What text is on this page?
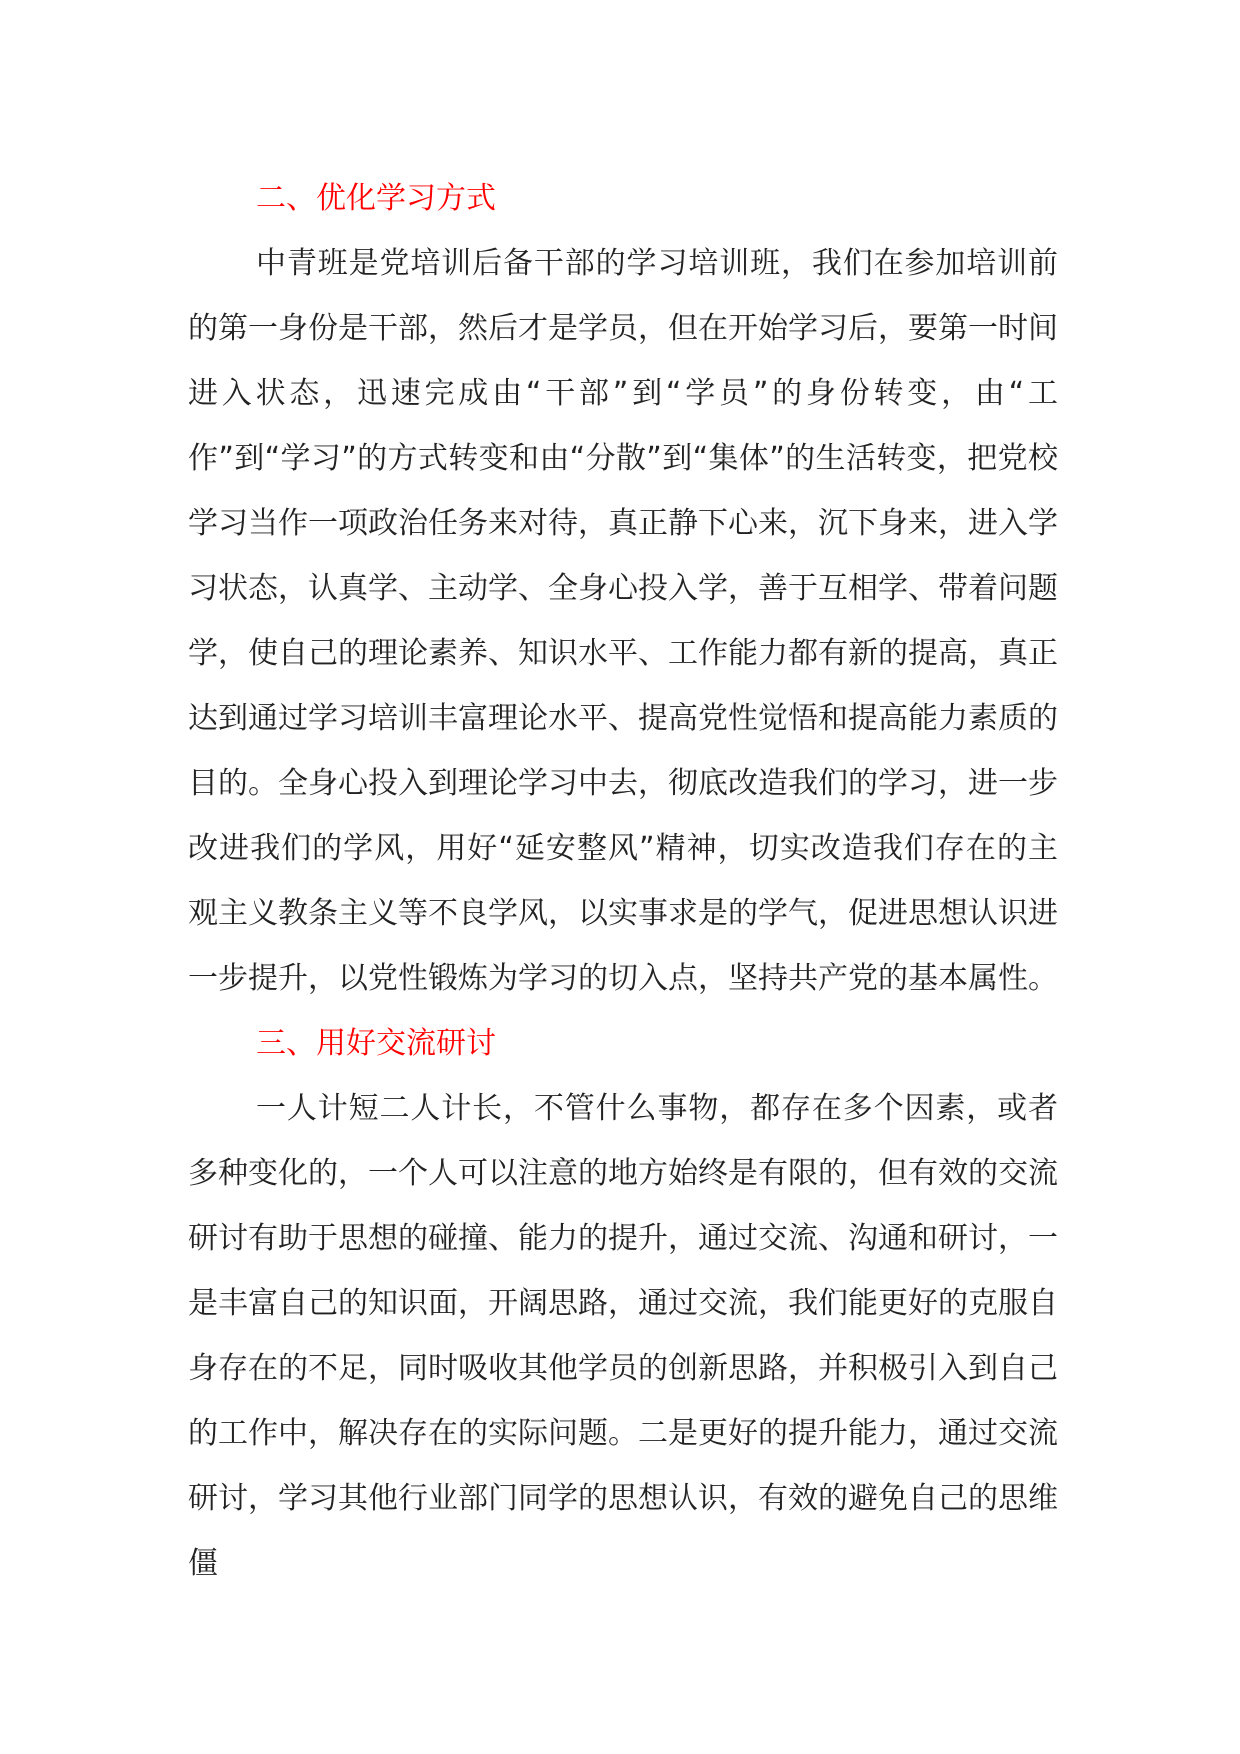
二、优化学习方式

中青班是党培训后备干部的学习培训班，我们在参加培训前的第一身份是干部，然后才是学员，但在开始学习后，要第一时间进入状态，迅速完成由“干部”到“学员”的身份转变，由“工作”到“学习”的方式转变和由“分散”到“集体”的生活转变，把党校学习当作一项政治任务来对待，真正静下心来，沉下身来，进入学习状态，认真学、主动学、全身心投入学，善于互相学、带着问题学，使自己的理论素养、知识水平、工作能力都有新的提高，真正达到通过学习培训丰富理论水平、提高党性觉悟和提高能力素质的目的。全身心投入到理论学习中去，彻底改造我们的学习，进一步改进我们的学风，用好“延安整风”精神，切实改造我们存在的主观主义教条主义等不良学风，以实事求是的学气，促进思想认识进一步提升，以党性锻炼为学习的切入点，坚持共产党的基本属性。

三、用好交流研讨

一人计短二人计长，不管什么事物，都存在多个因素，或者多种变化的，一个人可以注意的地方始终是有限的，但有效的交流研讨有助于思想的碰撞、能力的提升，通过交流、沟通和研讨，一是丰富自己的知识面，开阔思路，通过交流，我们能更好的克服自身存在的不足，同时吸收其他学员的创新思路，并积极引入到自己的工作中，解决存在的实际问题。二是更好的提升能力，通过交流研讨，学习其他行业部门同学的思想认识，有效的避免自己的思维僵
